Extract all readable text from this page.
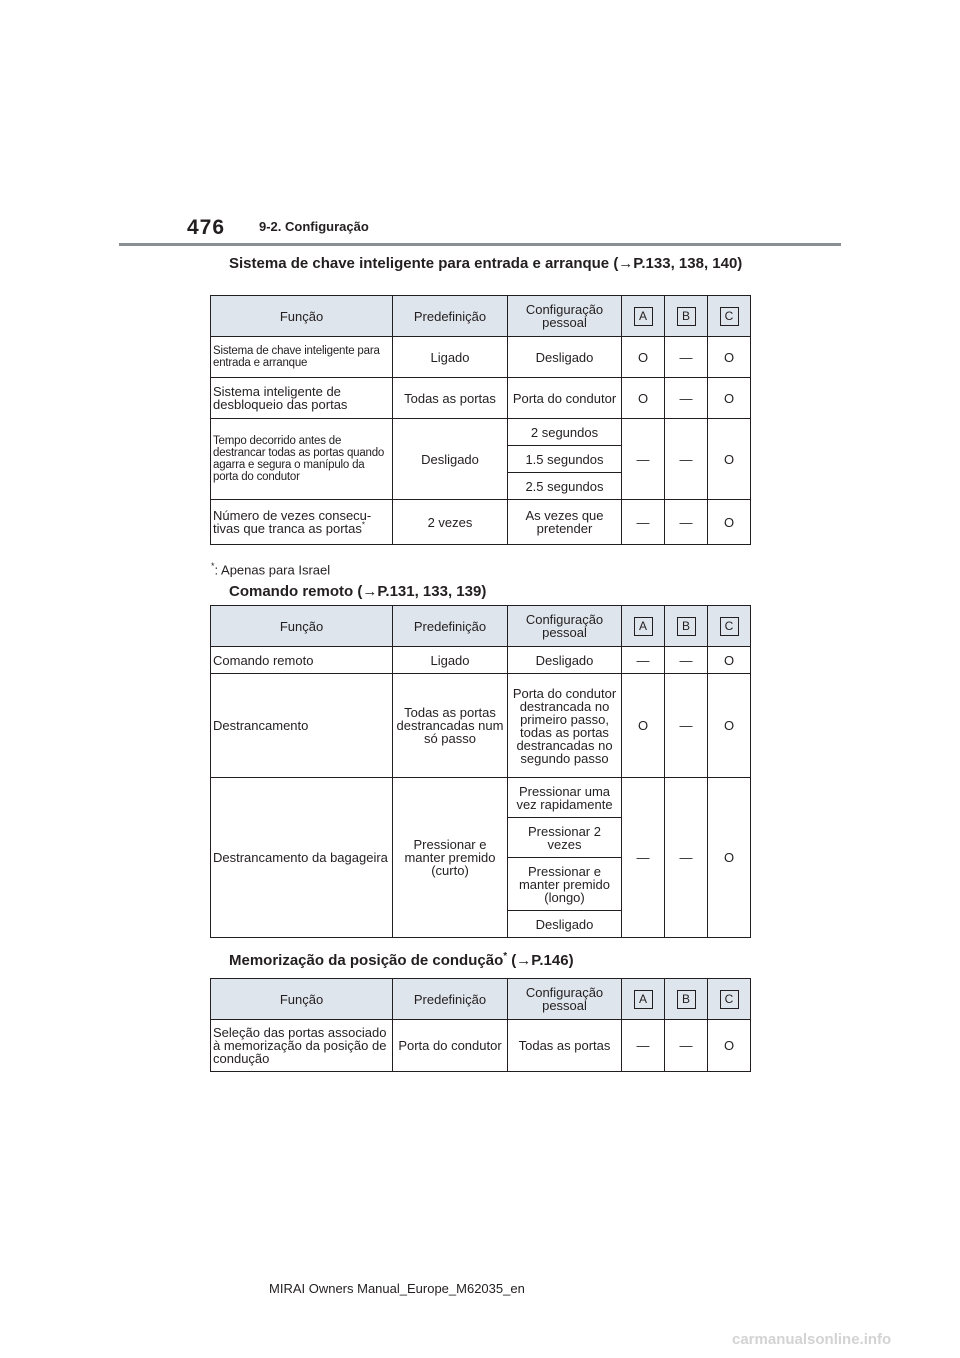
476	9-2. Configuração
Sistema de chave inteligente para entrada e arranque (→P.133, 138, 140)
Função	Predefinição	Configuração pessoal	A	B	C
Sistema de chave inteligente para entrada e arranque	Ligado	Desligado	O	—	O
Sistema inteligente de desbloqueio das portas	Todas as portas	Porta do condutor	O	—	O
Tempo decorrido antes de destrancar todas as portas quando agarra e segura o manípulo da porta do condutor	Desligado	2 segundos	—	—	O
		1.5 segundos			
		2.5 segundos			
Número de vezes consecu-tivas que tranca as portas*	2 vezes	As vezes que pretender	—	—	O
*: Apenas para Israel
Comando remoto (→P.131, 133, 139)
Função	Predefinição	Configuração pessoal	A	B	C
Comando remoto	Ligado	Desligado	—	—	O
Destrancamento	Todas as portas destrancadas num só passo	Porta do condutor destrancada no primeiro passo, todas as portas destrancadas no segundo passo	O	—	O
Destrancamento da bagageira	Pressionar e manter premido (curto)	Pressionar uma vez rapidamente	—	—	O
		Pressionar 2 vezes			
		Pressionar e manter premido (longo)			
		Desligado			
Memorização da posição de condução* (→P.146)
Função	Predefinição	Configuração pessoal	A	B	C
Seleção das portas associado à memorização da posição de condução	Porta do condutor	Todas as portas	—	—	O
MIRAI Owners Manual_Europe_M62035_en
carmanualsonline.info
